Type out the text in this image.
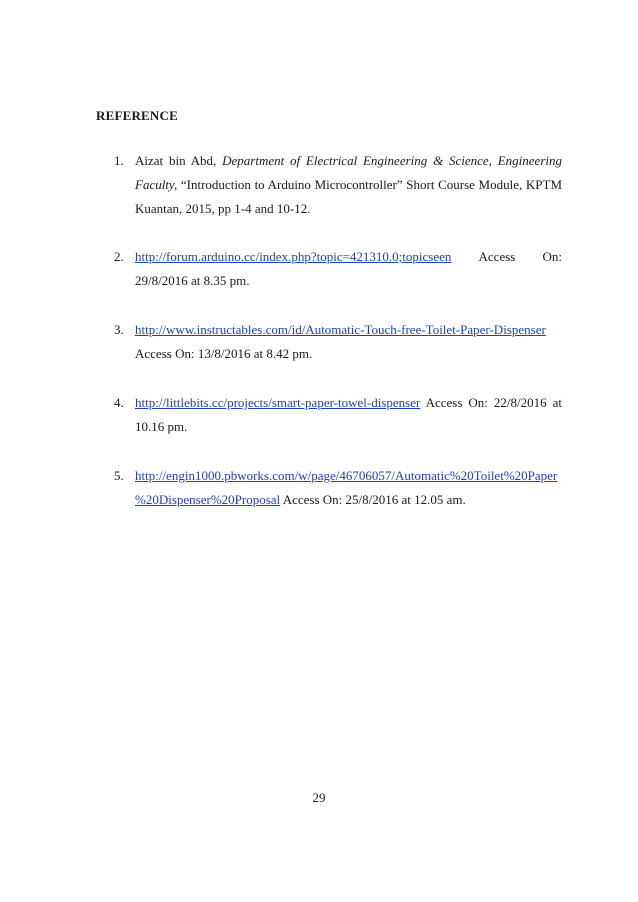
REFERENCE
1. Aizat bin Abd, Department of Electrical Engineering & Science, Engineering Faculty, “Introduction to Arduino Microcontroller” Short Course Module, KPTM Kuantan, 2015, pp 1-4 and 10-12.
2. http://forum.arduino.cc/index.php?topic=421310.0;topicseen Access On:
29/8/2016 at 8.35 pm.
3. http://www.instructables.com/id/Automatic-Touch-free-Toilet-Paper-Dispenser
Access On: 13/8/2016 at 8.42 pm.
4. http://littlebits.cc/projects/smart-paper-towel-dispenser Access On: 22/8/2016 at 10.16 pm.
5. http://engin1000.pbworks.com/w/page/46706057/Automatic%20Toilet%20Paper
%20Dispenser%20Proposal Access On: 25/8/2016 at 12.05 am.
29
